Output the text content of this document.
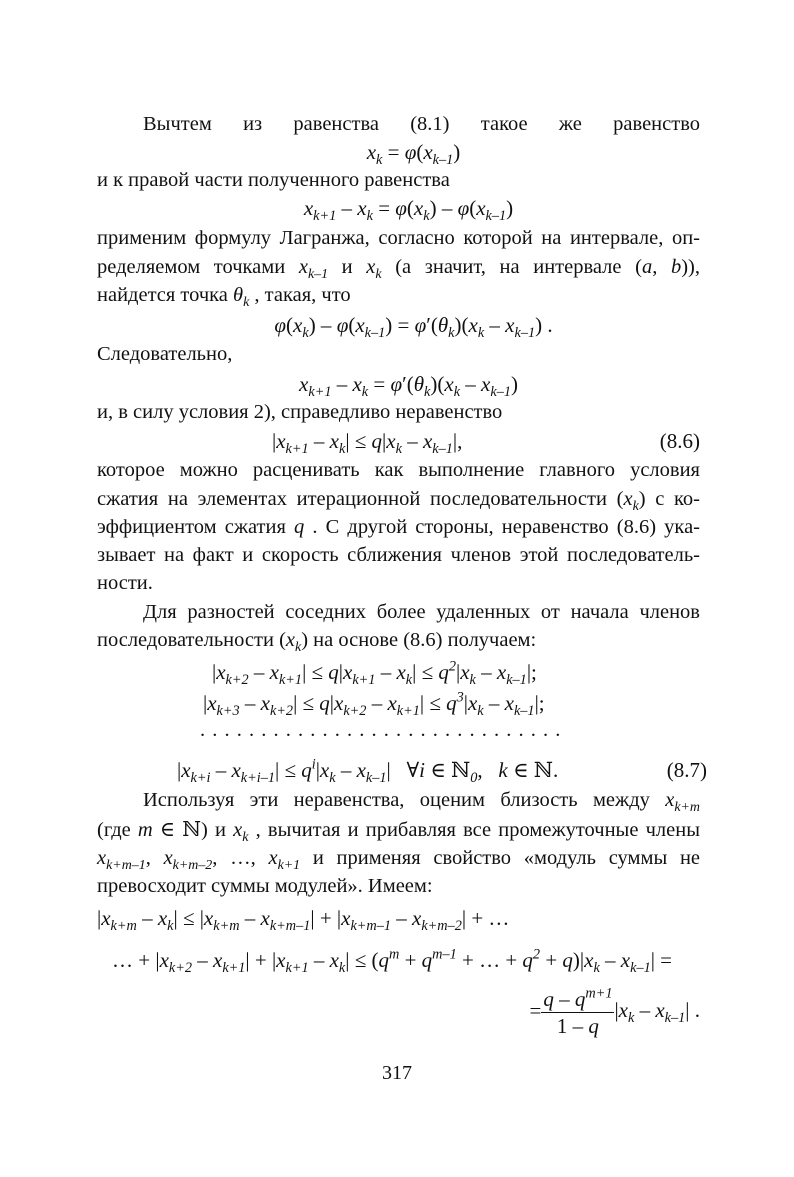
Вычтем из равенства (8.1) такое же равенство
$x_k = \varphi(x_{k-1})$
и к правой части полученного равенства
$x_{k+1} - x_k = \varphi(x_k) - \varphi(x_{k-1})$
применим формулу Лагранжа, согласно которой на интервале, оп-
ределяемом точками $x_{k-1}$ и $x_k$ (а значит, на интервале (a, b)),
найдется точка $\theta_k$ , такая, что
$\varphi(x_k) - \varphi(x_{k-1}) = \varphi'(\theta_k)(x_k - x_{k-1})$ .
Следовательно,
$x_{k+1} - x_k = \varphi'(\theta_k)(x_k - x_{k-1})$
и, в силу условия 2), справедливо неравенство
$|x_{k+1} - x_k| \le q|x_k - x_{k-1}|$,	(8.6)
которое можно расценивать как выполнение главного условия
сжатия на элементах итерационной последовательности $(x_k)$ с ко-
эффициентом сжатия q . С другой стороны, неравенство (8.6) ука-
зывает на факт и скорость сближения членов этой последователь-
ности.
Для разностей соседних более удаленных от начала членов
последовательности $(x_k)$ на основе (8.6) получаем:
$|x_{k+2} - x_{k+1}| \le q|x_{k+1} - x_k| \le q^2|x_k - x_{k-1}|$;
$|x_{k+3} - x_{k+2}| \le q|x_{k+2} - x_{k+1}| \le q^3|x_k - x_{k-1}|$;
. . . . . . . . . . . . . . . . . . . . . . . . . . . . . .
$|x_{k+i} - x_{k+i-1}| \le q^i|x_k - x_{k-1}|$   ∀i ∈ ℕ$_0$,   k ∈ ℕ.	(8.7)
Используя эти неравенства, оценим близость между $x_{k+m}$
(где m ∈ ℕ) и $x_k$ , вычитая и прибавляя все промежуточные члены
$x_{k+m-1}$, $x_{k+m-2}$, …, $x_{k+1}$ и применяя свойство «модуль суммы не
превосходит суммы модулей». Имеем:
$|x_{k+m} - x_k| \le |x_{k+m} - x_{k+m-1}| + |x_{k+m-1} - x_{k+m-2}|$ + …
… + $|x_{k+2} - x_{k+1}| + |x_{k+1} - x_k| \le (q^m + q^{m-1}$ + … + $q^2 + q)|x_k - x_{k-1}|$ =
= $\frac{q - q^{m+1}}{1 - q} |x_k - x_{k-1}|$ .
317
